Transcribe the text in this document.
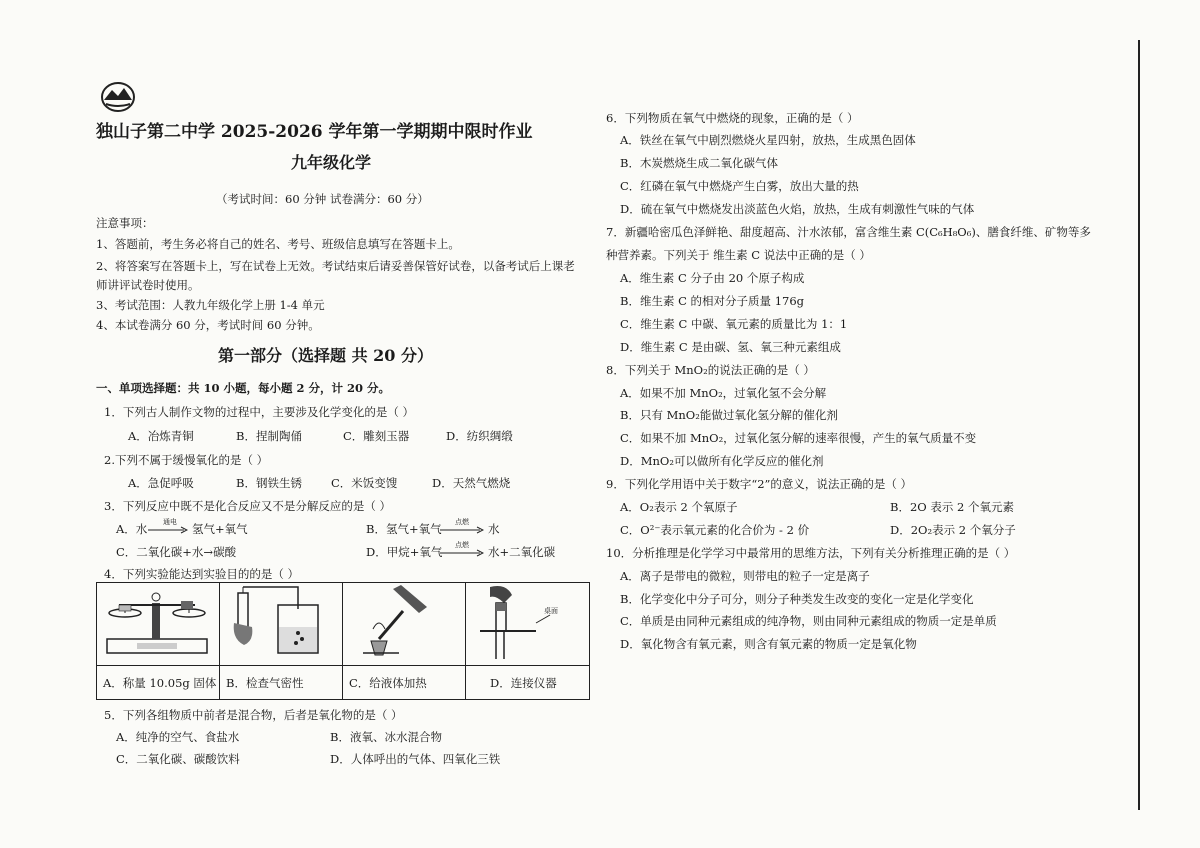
独山子第二中学 2025-2026 学年第一学期期中限时作业
九年级化学
（考试时间：60 分钟 试卷满分：60 分）
注意事项：
1、答题前，考生务必将自己的姓名、考号、班级信息填写在答题卡上。
2、将答案写在答题卡上，写在试卷上无效。考试结束后请妥善保管好试卷，以备考试后上课老
师讲评试卷时使用。
3、考试范围：人教九年级化学上册 1-4 单元
4、本试卷满分 60 分，考试时间 60 分钟。
第一部分（选择题 共 20 分）
一、单项选择题：共 10 小题，每小题 2 分，计 20 分。
1．下列古人制作文物的过程中，主要涉及化学变化的是（ ）
A．冶炼青铜	B．捏制陶俑	C．雕刻玉器	D．纺织绸缎
2.下列不属于缓慢氧化的是（ ）
A．急促呼吸	B．钢铁生锈	C．米饭变馊	D．天然气燃烧
3．下列反应中既不是化合反应又不是分解反应的是（ ）
A．水 通电 → 氢气+氧气	B．氢气+氧气 点燃 → 水
C．二氧化碳+水→碳酸	D．甲烷+氧气 点燃 → 水+二氧化碳
4．下列实验能达到实验目的的是（ ）
桌面
A．称量 10.05g 固体 B．检查气密性	C．给液体加热	D．连接仪器
5．下列各组物质中前者是混合物，后者是氧化物的是（ ）
A．纯净的空气、食盐水	B．液氧、冰水混合物
C．二氧化碳、碳酸饮料	D．人体呼出的气体、四氧化三铁
6．下列物质在氧气中燃烧的现象，正确的是（ ）
A．铁丝在氧气中剧烈燃烧火星四射，放热，生成黑色固体
B．木炭燃烧生成二氧化碳气体
C．红磷在氧气中燃烧产生白雾，放出大量的热
D．硫在氧气中燃烧发出淡蓝色火焰，放热，生成有刺激性气味的气体
7．新疆哈密瓜色泽鲜艳、甜度超高、汁水浓郁，富含维生素 C(C₆H₈O₆)、膳食纤维、矿物等多
种营养素。下列关于 维生素 C 说法中正确的是（ ）
A．维生素 C 分子由 20 个原子构成
B．维生素 C 的相对分子质量 176g
C．维生素 C 中碳、氧元素的质量比为 1：1
D．维生素 C 是由碳、氢、氧三种元素组成
8．下列关于 MnO₂的说法正确的是（ ）
A．如果不加 MnO₂，过氧化氢不会分解
B．只有 MnO₂能做过氧化氢分解的催化剂
C．如果不加 MnO₂，过氧化氢分解的速率很慢，产生的氧气质量不变
D．MnO₂可以做所有化学反应的催化剂
9．下列化学用语中关于数字“2”的意义，说法正确的是（ ）
A．O₂表示 2 个氧原子	B．2O 表示 2 个氧元素
C．O²⁻表示氧元素的化合价为 - 2 价	D．2O₂表示 2 个氧分子
10．分析推理是化学学习中最常用的思维方法，下列有关分析推理正确的是（ ）
A．离子是带电的微粒，则带电的粒子一定是离子
B．化学变化中分子可分，则分子种类发生改变的变化一定是化学变化
C．单质是由同种元素组成的纯净物，则由同种元素组成的物质一定是单质
D．氧化物含有氧元素，则含有氧元素的物质一定是氧化物
